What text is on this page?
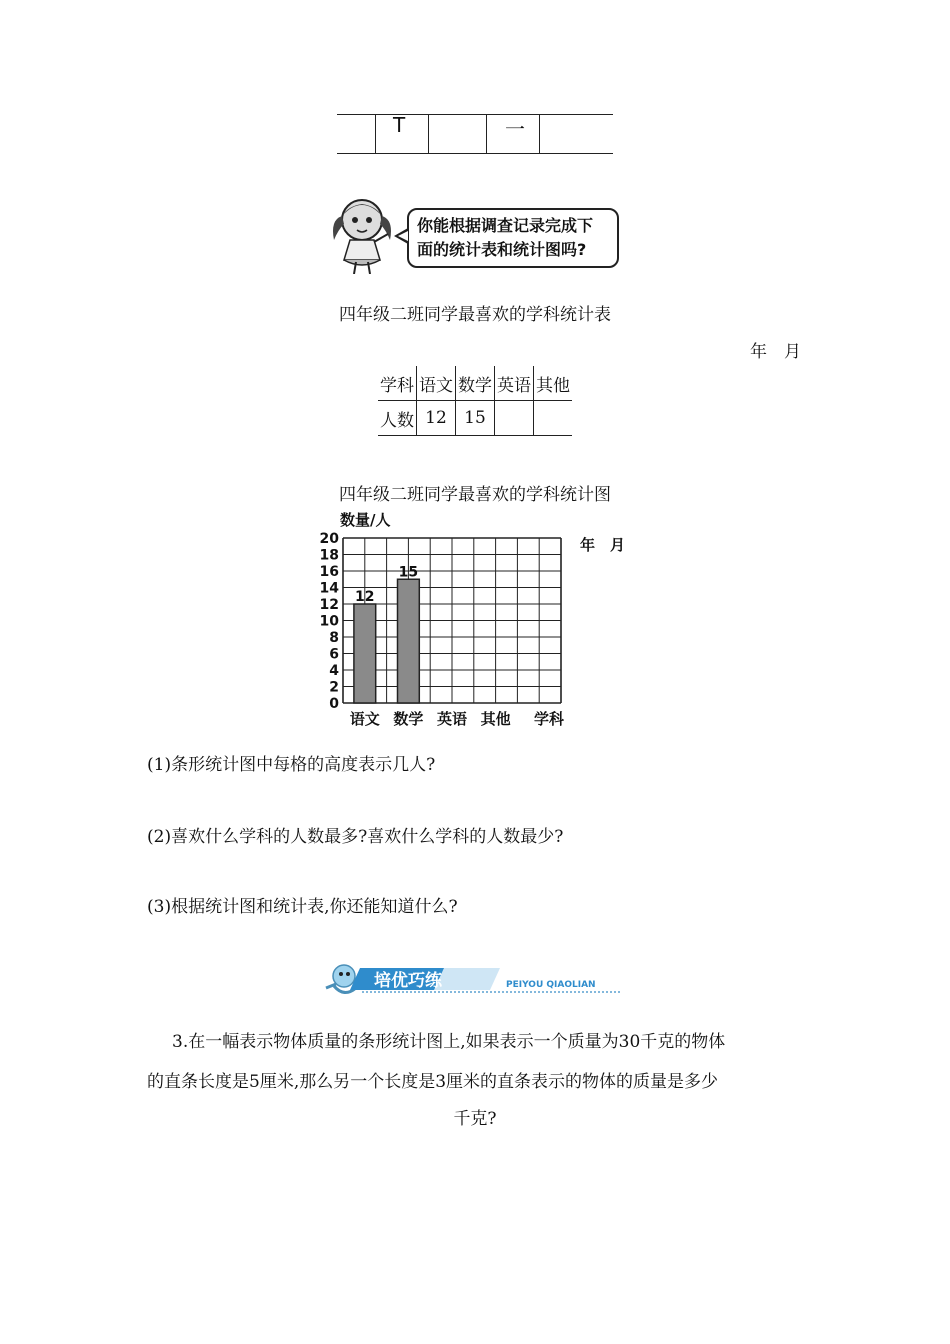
T	一
你能根据调查记录完成下
面的统计表和统计图吗?
四年级二班同学最喜欢的学科统计表
年　月
学科	语文	数学	英语	其他
人数	12	15		
四年级二班同学最喜欢的学科统计图
0
2
4
6
8
10
12
14
16
18
20
数量/人
年　月
12
语文
15
数学 英语 其他 学科
(1)条形统计图中每格的高度表示几人?
(2)喜欢什么学科的人数最多?喜欢什么学科的人数最少?
(3)根据统计图和统计表,你还能知道什么?
培优巧练	PEIYOU QIAOLIAN
3.在一幅表示物体质量的条形统计图上,如果表示一个质量为30千克的物体
的直条长度是5厘米,那么另一个长度是3厘米的直条表示的物体的质量是多少
千克?
